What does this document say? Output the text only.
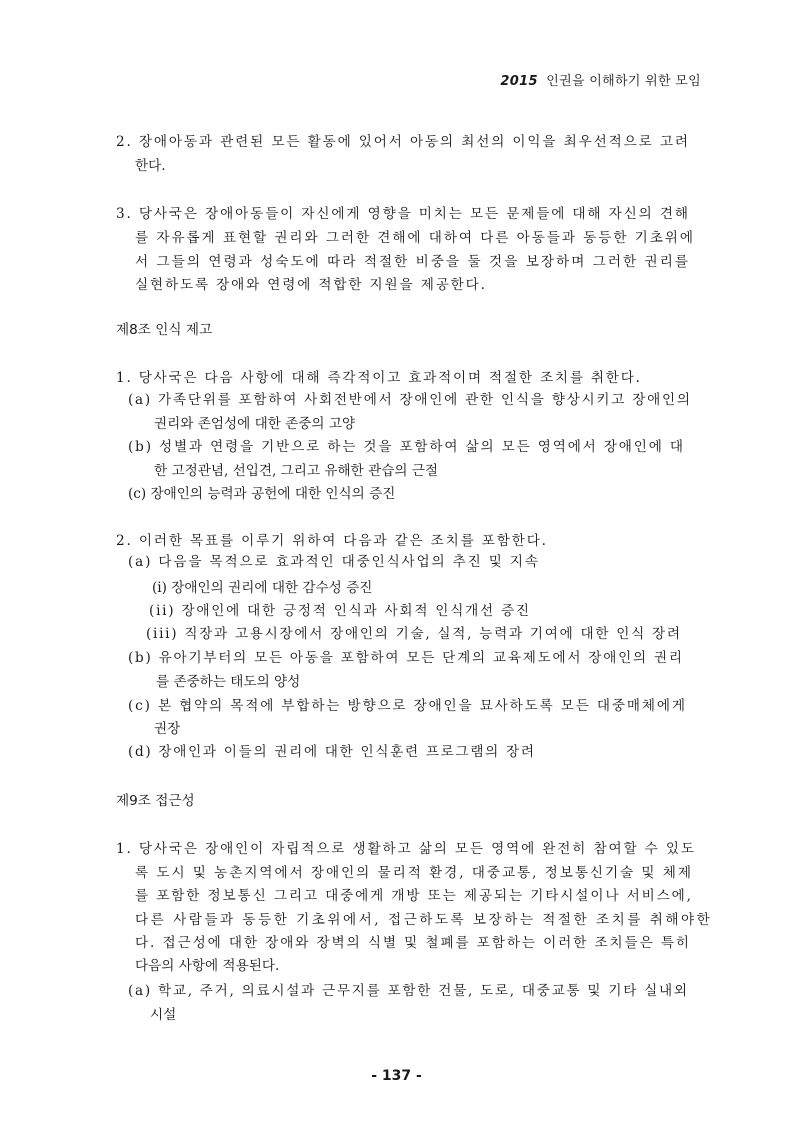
2015 인권을 이해하기 위한 모임
2. 장애아동과 관련된 모든 활동에 있어서 아동의 최선의 이익을 최우선적으로 고려
한다.
3. 당사국은 장애아동들이 자신에게 영향을 미치는 모든 문제들에 대해 자신의 견해
를 자유롭게 표현할 권리와 그러한 견해에 대하여 다른 아동들과 동등한 기초위에
서 그들의 연령과 성숙도에 따라 적절한 비중을 둘 것을 보장하며 그러한 권리를
실현하도록 장애와 연령에 적합한 지원을 제공한다.
제8조 인식 제고
1. 당사국은 다음 사항에 대해 즉각적이고 효과적이며 적절한 조치를 취한다.
(a) 가족단위를 포함하여 사회전반에서 장애인에 관한 인식을 향상시키고 장애인의
권리와 존엄성에 대한 존중의 고양
(b) 성별과 연령을 기반으로 하는 것을 포함하여 삶의 모든 영역에서 장애인에 대
한 고정관념, 선입견, 그리고 유해한 관습의 근절
(c) 장애인의 능력과 공헌에 대한 인식의 증진
2. 이러한 목표를 이루기 위하여 다음과 같은 조치를 포함한다.
(a) 다음을 목적으로 효과적인 대중인식사업의 추진 및 지속
(i) 장애인의 권리에 대한 감수성 증진
(ii) 장애인에 대한 긍정적 인식과 사회적 인식개선 증진
(iii) 직장과 고용시장에서 장애인의 기술, 실적, 능력과 기여에 대한 인식 장려
(b) 유아기부터의 모든 아동을 포함하여 모든 단계의 교육제도에서 장애인의 권리
를 존중하는 태도의 양성
(c) 본 협약의 목적에 부합하는 방향으로 장애인을 묘사하도록 모든 대중매체에게
권장
(d) 장애인과 이들의 권리에 대한 인식훈련 프로그램의 장려
제9조 접근성
1. 당사국은 장애인이 자립적으로 생활하고 삶의 모든 영역에 완전히 참여할 수 있도
록 도시 및 농촌지역에서 장애인의 물리적 환경, 대중교통, 정보통신기술 및 체제
를 포함한 정보통신 그리고 대중에게 개방 또는 제공되는 기타시설이나 서비스에,
다른 사람들과 동등한 기초위에서, 접근하도록 보장하는 적절한 조치를 취해야한
다. 접근성에 대한 장애와 장벽의 식별 및 철폐를 포함하는 이러한 조치들은 특히
다음의 사항에 적용된다.
(a) 학교, 주거, 의료시설과 근무지를 포함한 건물, 도로, 대중교통 및 기타 실내외
시설
- 137 -
